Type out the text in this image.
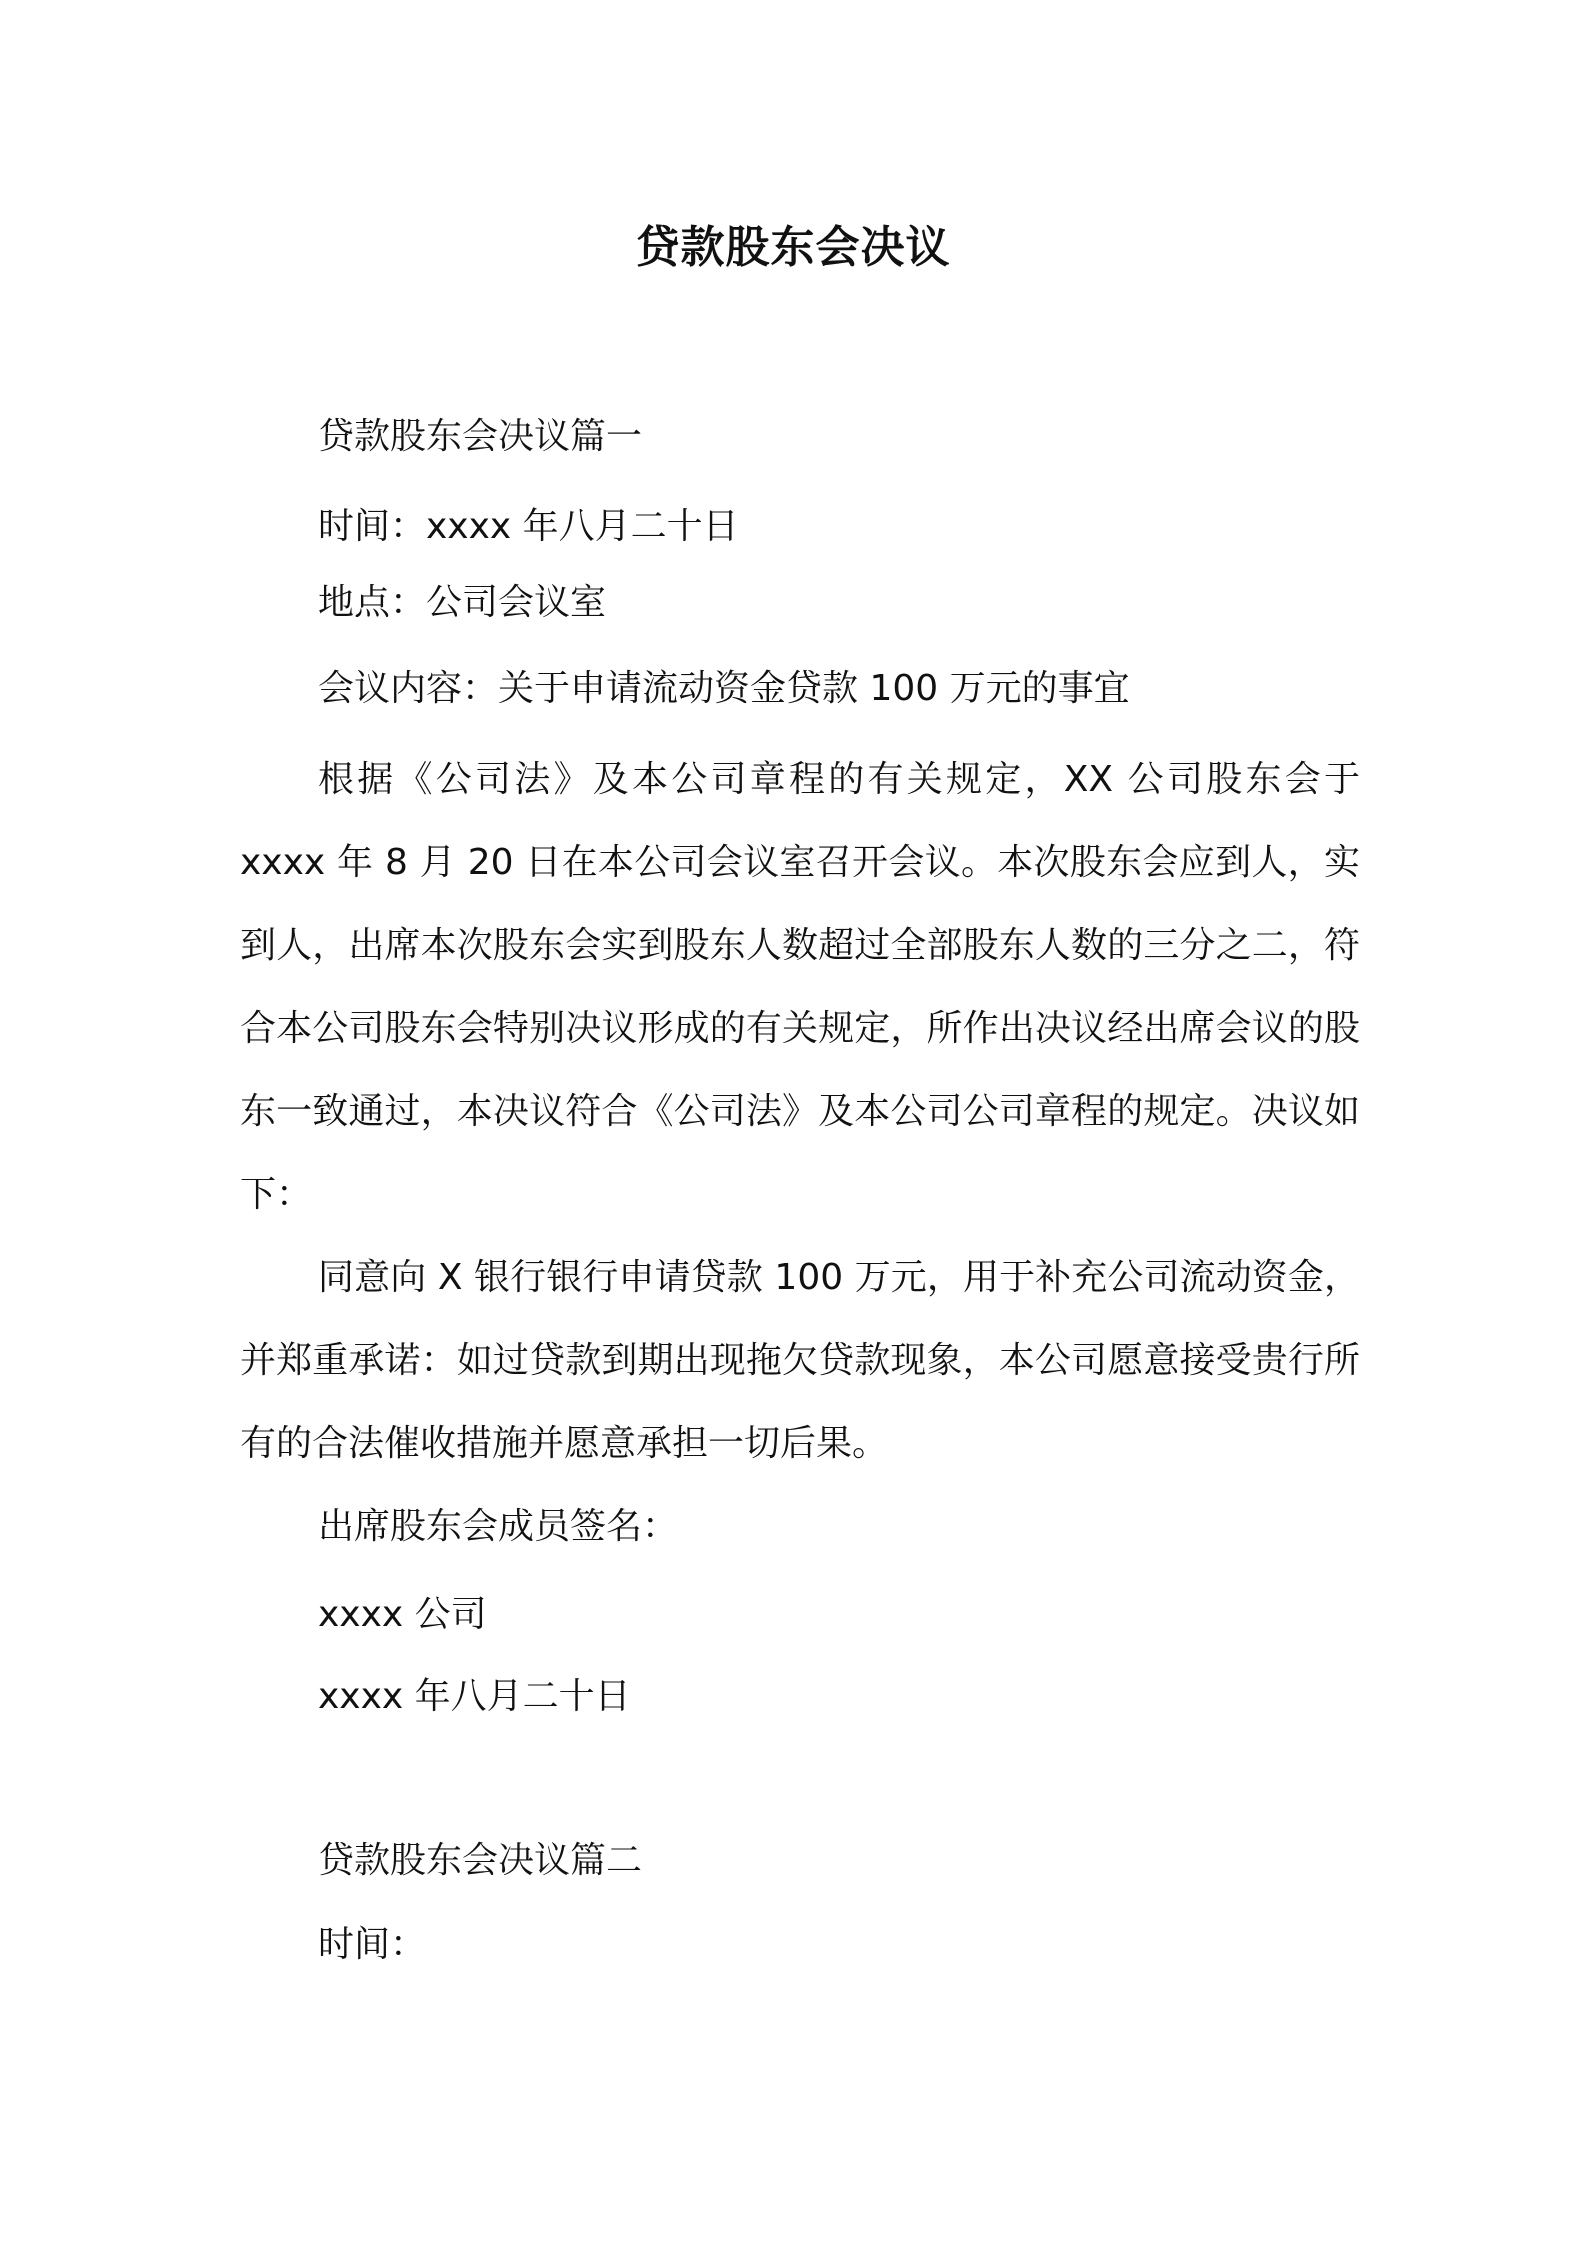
贷款股东会决议
贷款股东会决议篇一
时间：xxxx 年八月二十日
地点：公司会议室
会议内容：关于申请流动资金贷款 100 万元的事宜
根据《公司法》及本公司章程的有关规定，XX 公司股东会于 xxxx 年 8 月 20 日在本公司会议室召开会议。本次股东会应到人，实到人，出席本次股东会实到股东人数超过全部股东人数的三分之二，符合本公司股东会特别决议形成的有关规定，所作出决议经出席会议的股东一致通过，本决议符合《公司法》及本公司公司章程的规定。决议如下：
同意向 X 银行银行申请贷款 100 万元，用于补充公司流动资金，并郑重承诺：如过贷款到期出现拖欠贷款现象，本公司愿意接受贵行所有的合法催收措施并愿意承担一切后果。
出席股东会成员签名：
xxxx 公司
xxxx 年八月二十日
贷款股东会决议篇二
时间：
